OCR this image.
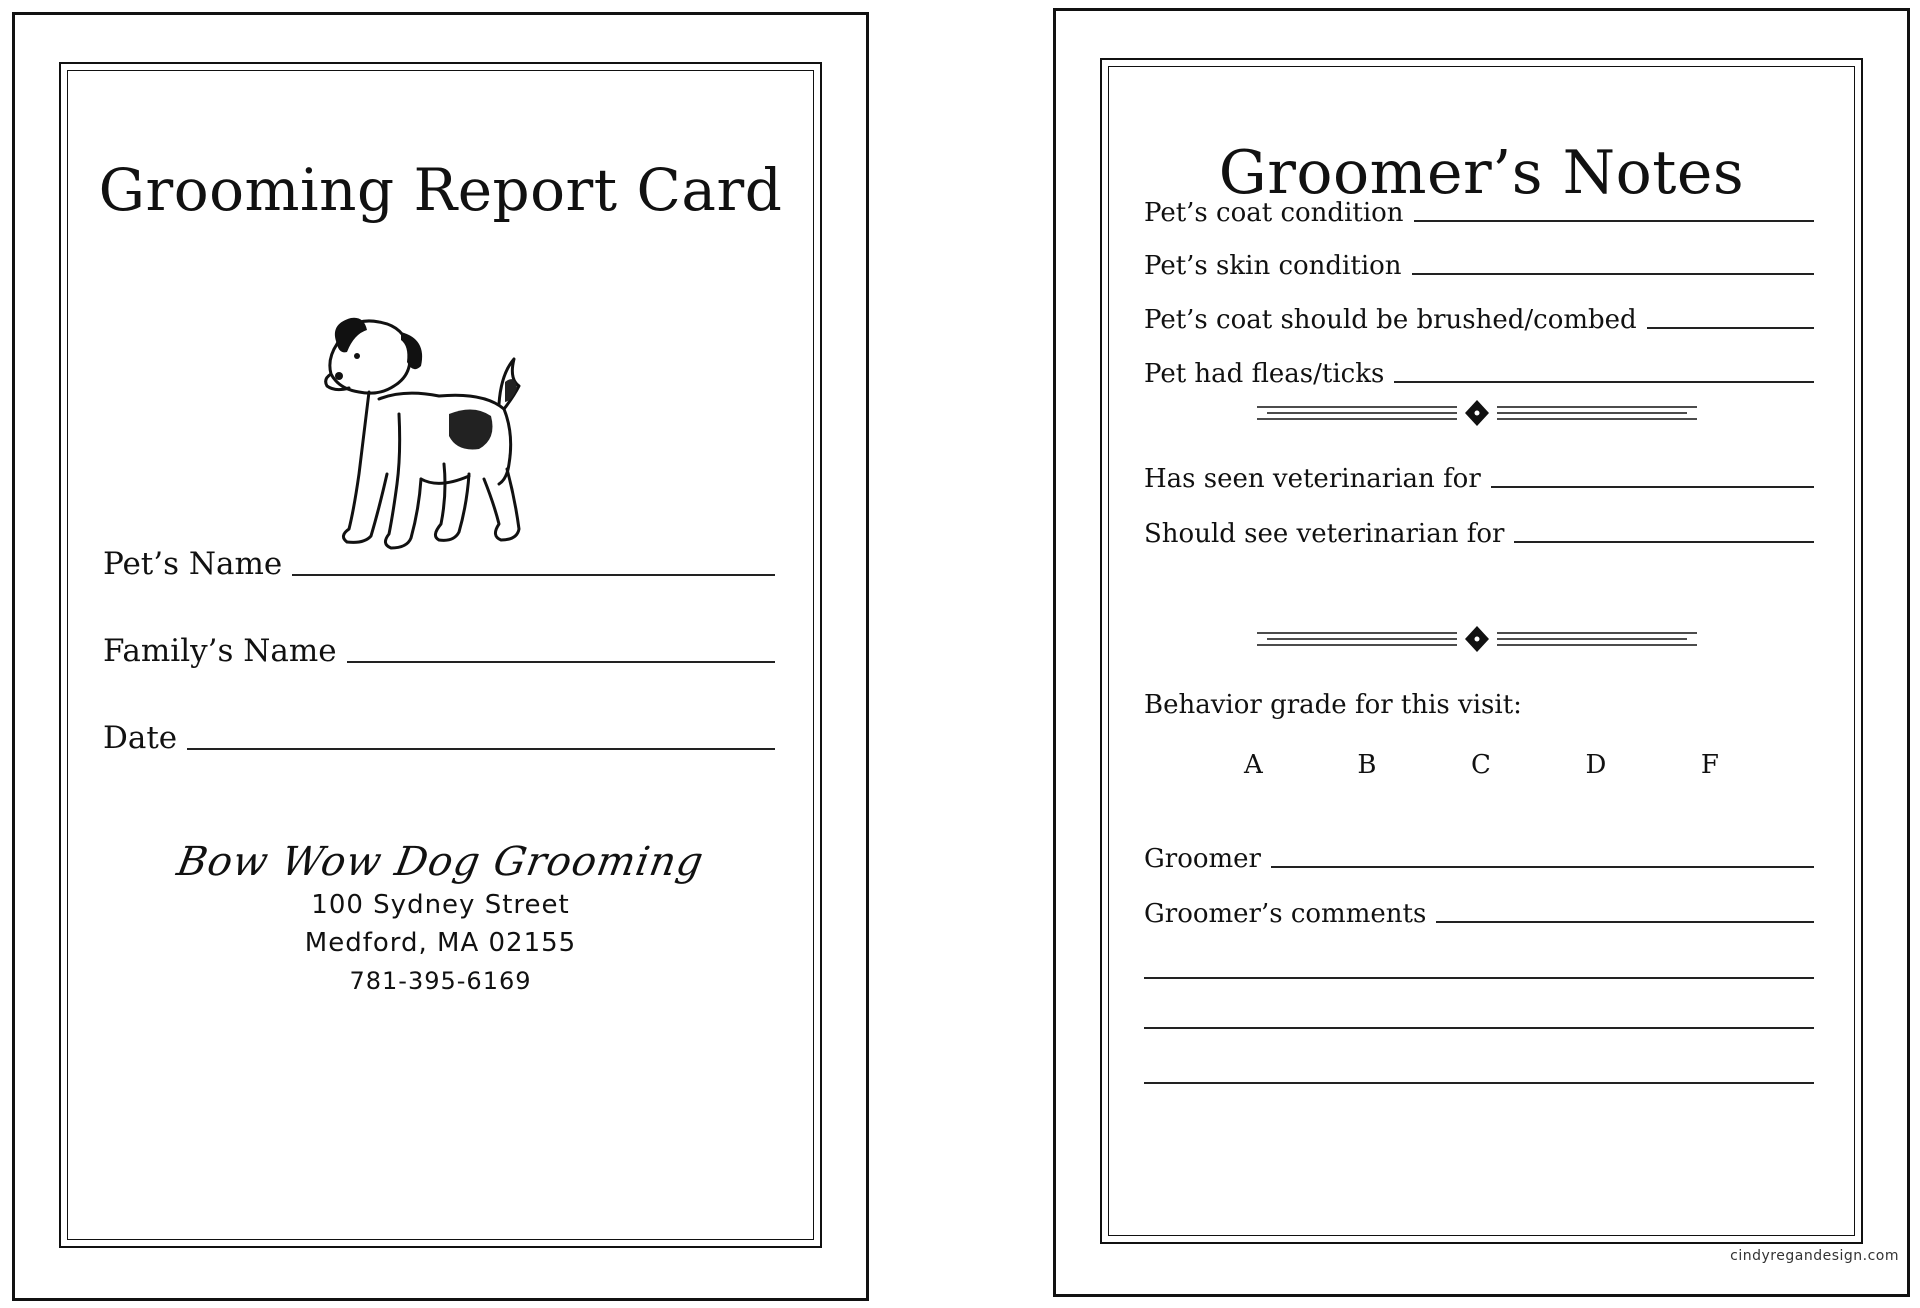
Grooming Report Card
Pet’s Name
Family’s Name
Date
Bow Wow Dog Grooming
100 Sydney Street
Medford, MA 02155
781-395-6169
Groomer’s Notes
Pet’s coat condition
Pet’s skin condition
Pet’s coat should be brushed/combed
Pet had fleas/ticks
Has seen veterinarian for
Should see veterinarian for
Behavior grade for this visit:
A	B	C	D	F
Groomer
Groomer’s comments
cindyregandesign.com
